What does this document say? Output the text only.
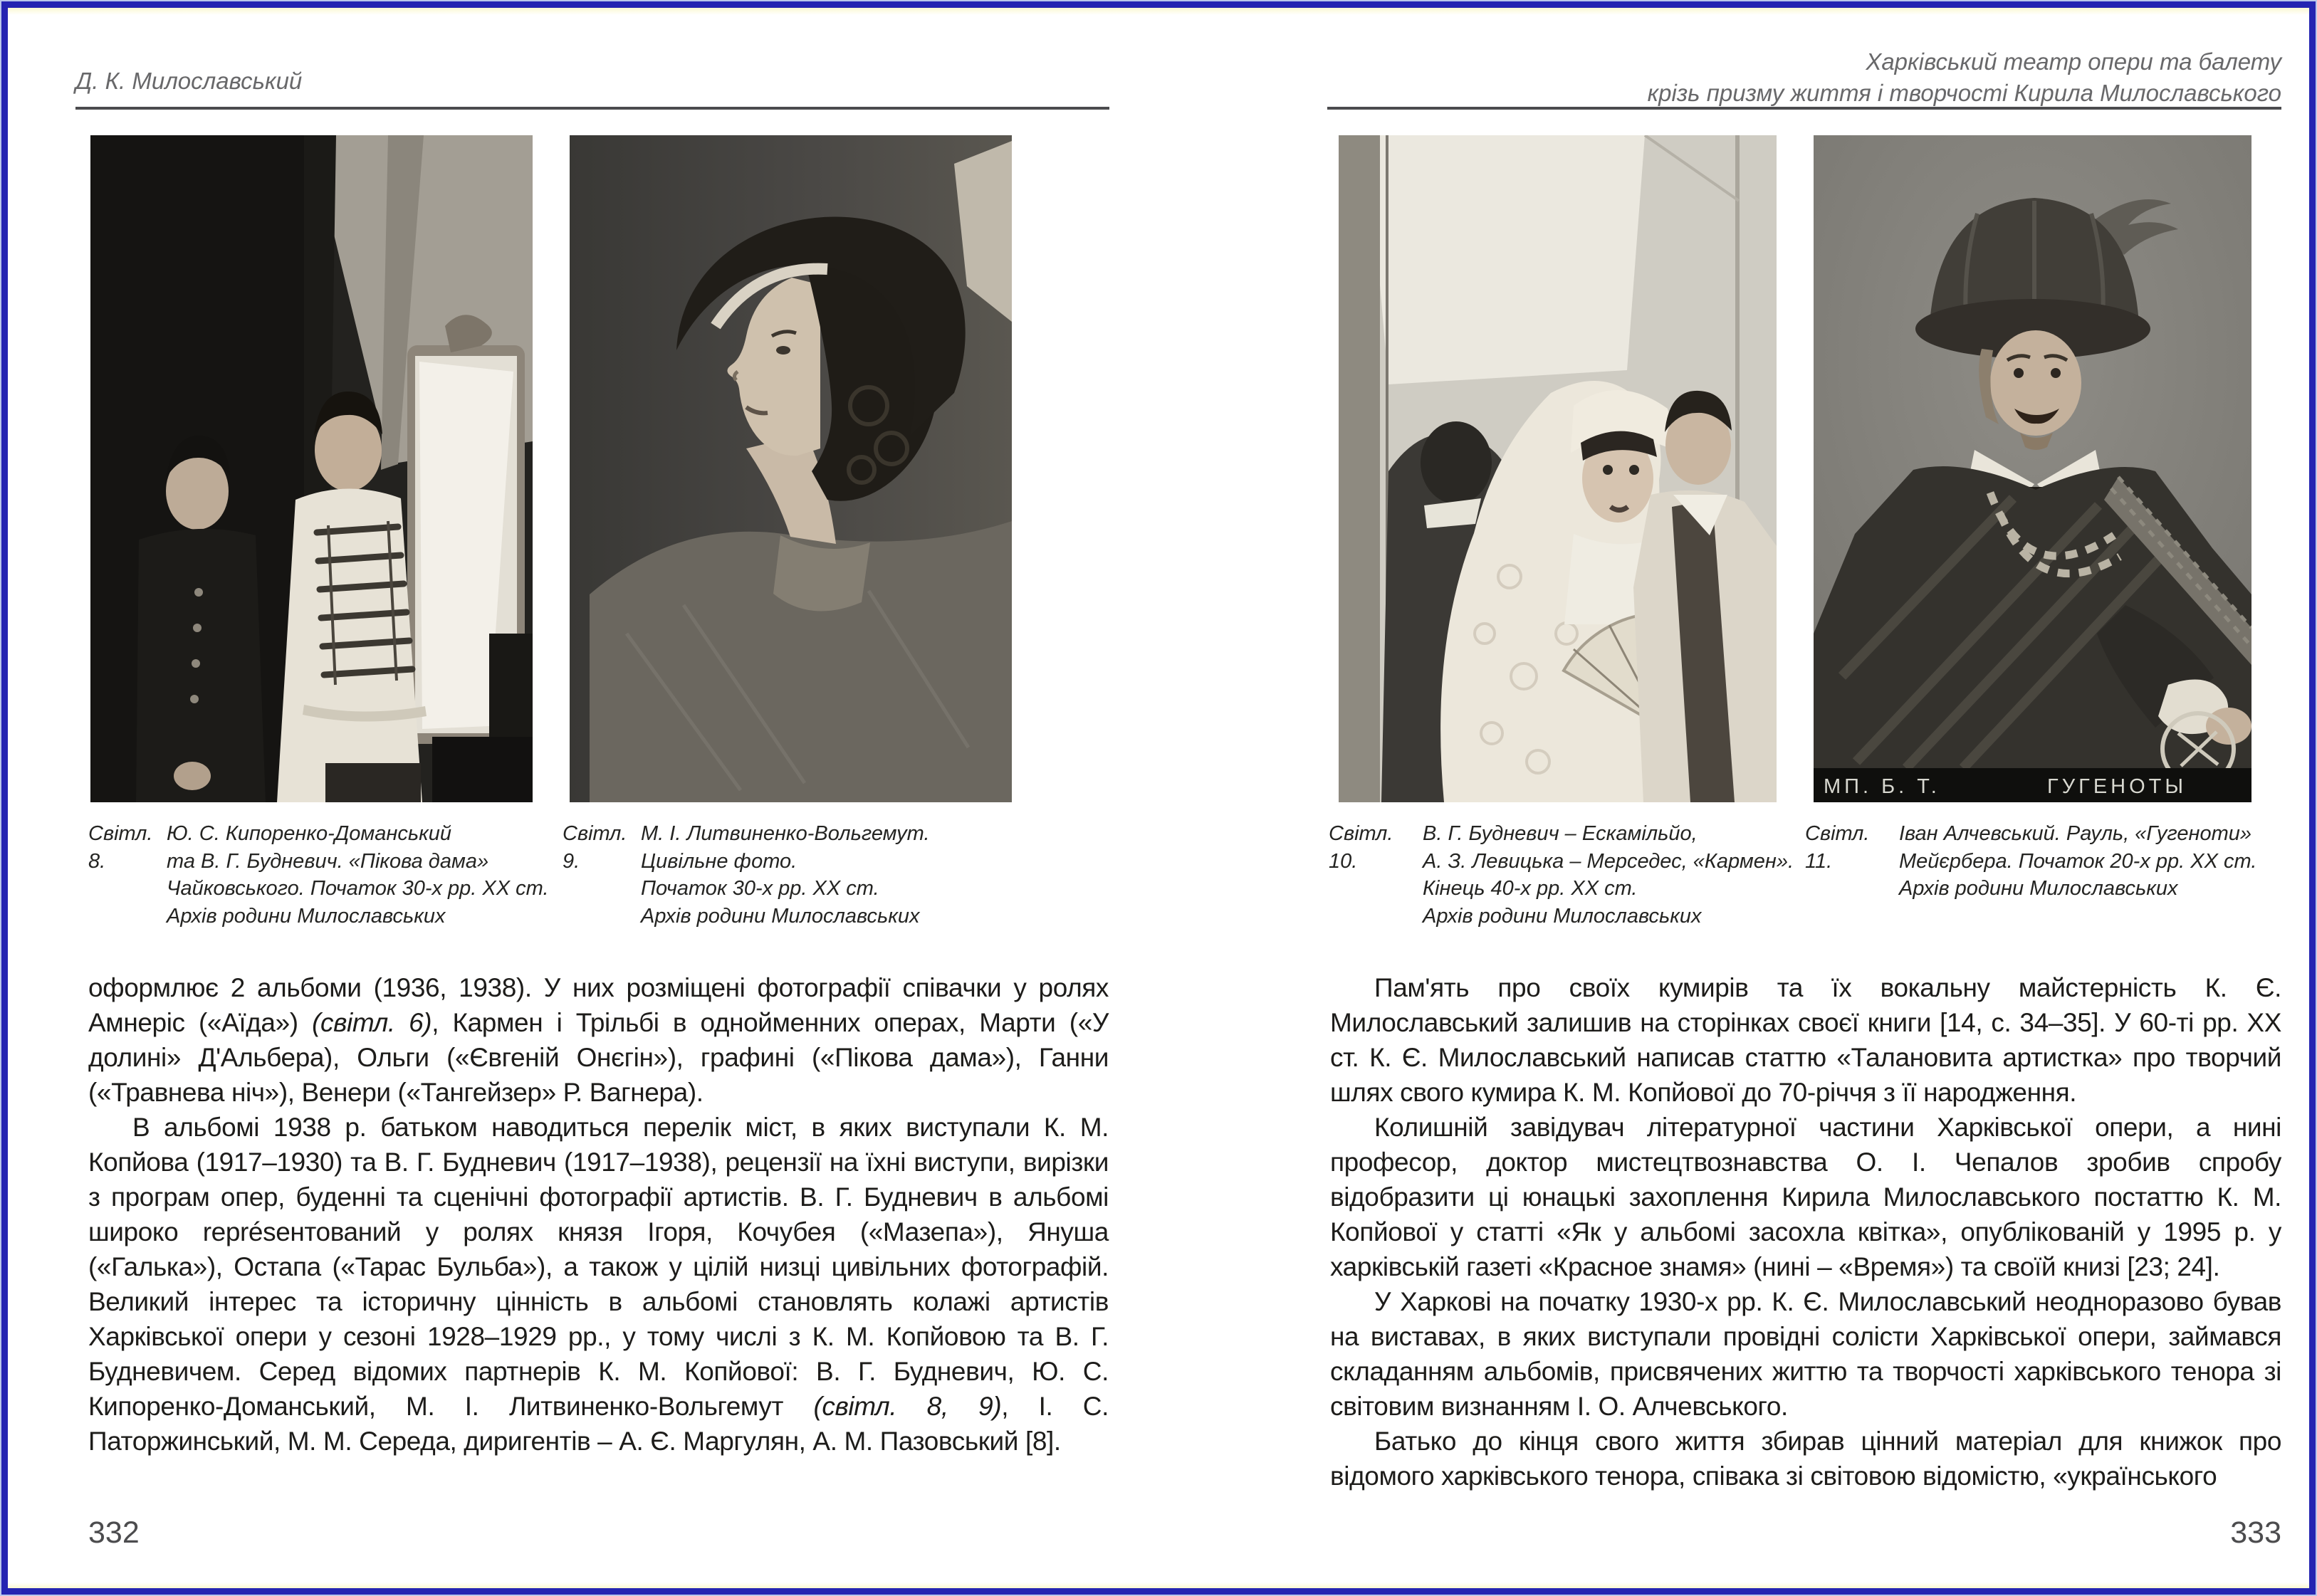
Д. К. Милославський
Світл. 8.
Ю. С. Кипоренко-Доманський
та В. Г. Будневич. «Пікова дама»
Чайковського. Початок 30-х рр. XX ст.
Архів родини Милославських
Світл. 9.
М. І. Литвиненко-Вольгемут.
Цивільне фото.
Початок 30-х рр. XX ст.
Архів родини Милославських

оформлює 2 альбоми (1936, 1938). У них розміщені фотографії співачки у ролях Амнеріс («Аїда») (світл. 6), Кармен і Трільбі в однойменних операх, Марти («У долині» Д'Альбера), Ольги («Євгеній Онєгін»), графині («Пікова дама»), Ганни («Травнева ніч»), Венери («Тангейзер» Р. Вагнера).

В альбомі 1938 р. батьком наводиться перелік міст, в яких виступали К. М. Копйова (1917–1930) та В. Г. Будневич (1917–1938), рецензії на їхні виступи, вирізки з програм опер, буденні та сценічні фотографії артистів. В. Г. Будневич в альбомі широко représентований у ролях князя Ігоря, Кочубея («Мазепа»), Януша («Галька»), Остапа («Тарас Бульба»), а також у цілій низці цивільних фотографій. Великий інтерес та історичну цінність в альбомі становлять колажі артистів Харківської опери у сезоні 1928–1929 рр., у тому числі з К. М. Копйовою та В. Г. Будневичем. Серед відомих партнерів К. М. Копйової: В. Г. Будневич, Ю. С. Кипоренко-Доманський, М. І. Литвиненко-Вольгемут (світл. 8, 9), І. С. Паторжинський, М. М. Середа, диригентів – А. Є. Маргулян, А. М. Пазовський [8].

332
Харківський театр опери та балету
крізь призму життя і творчості Кирила Милославського
МП. Б. Т.	ГУГЕНОТЫ
Світл. 10.
В. Г. Будневич – Ескамільйо,
А. З. Левицька – Мерседес, «Кармен».
Кінець 40-х рр. XX ст.
Архів родини Милославських
Світл. 11.
Іван Алчевський. Рауль, «Гугеноти»
Мейєрбера. Початок 20-х рр. XX ст.
Архів родини Милославських

Пам'ять про своїх кумирів та їх вокальну майстерність К. Є. Милославський залишив на сторінках своєї книги [14, с. 34–35]. У 60-ті рр. XX ст. К. Є. Милославський написав статтю «Талановита артистка» про творчий шлях свого кумира К. М. Копйової до 70-річчя з її народження.

Колишній завідувач літературної частини Харківської опери, а нині професор, доктор мистецтвознавства О. І. Чепалов зробив спробу відобразити ці юнацькі захоплення Кирила Милославського постаттю К. М. Копйової у статті «Як у альбомі засохла квітка», опублікованій у 1995 р. у харківській газеті «Красное знамя» (нині – «Время») та своїй книзі [23; 24].

У Харкові на початку 1930-х рр. К. Є. Милославський неодноразово бував на виставах, в яких виступали провідні солісти Харківської опери, займався складанням альбомів, присвячених життю та творчості харківського тенора зі світовим визнанням І. О. Алчевського.

Батько до кінця свого життя збирав цінний матеріал для книжок про відомого харківського тенора, співака зі світовою відомістю, «українського

333
